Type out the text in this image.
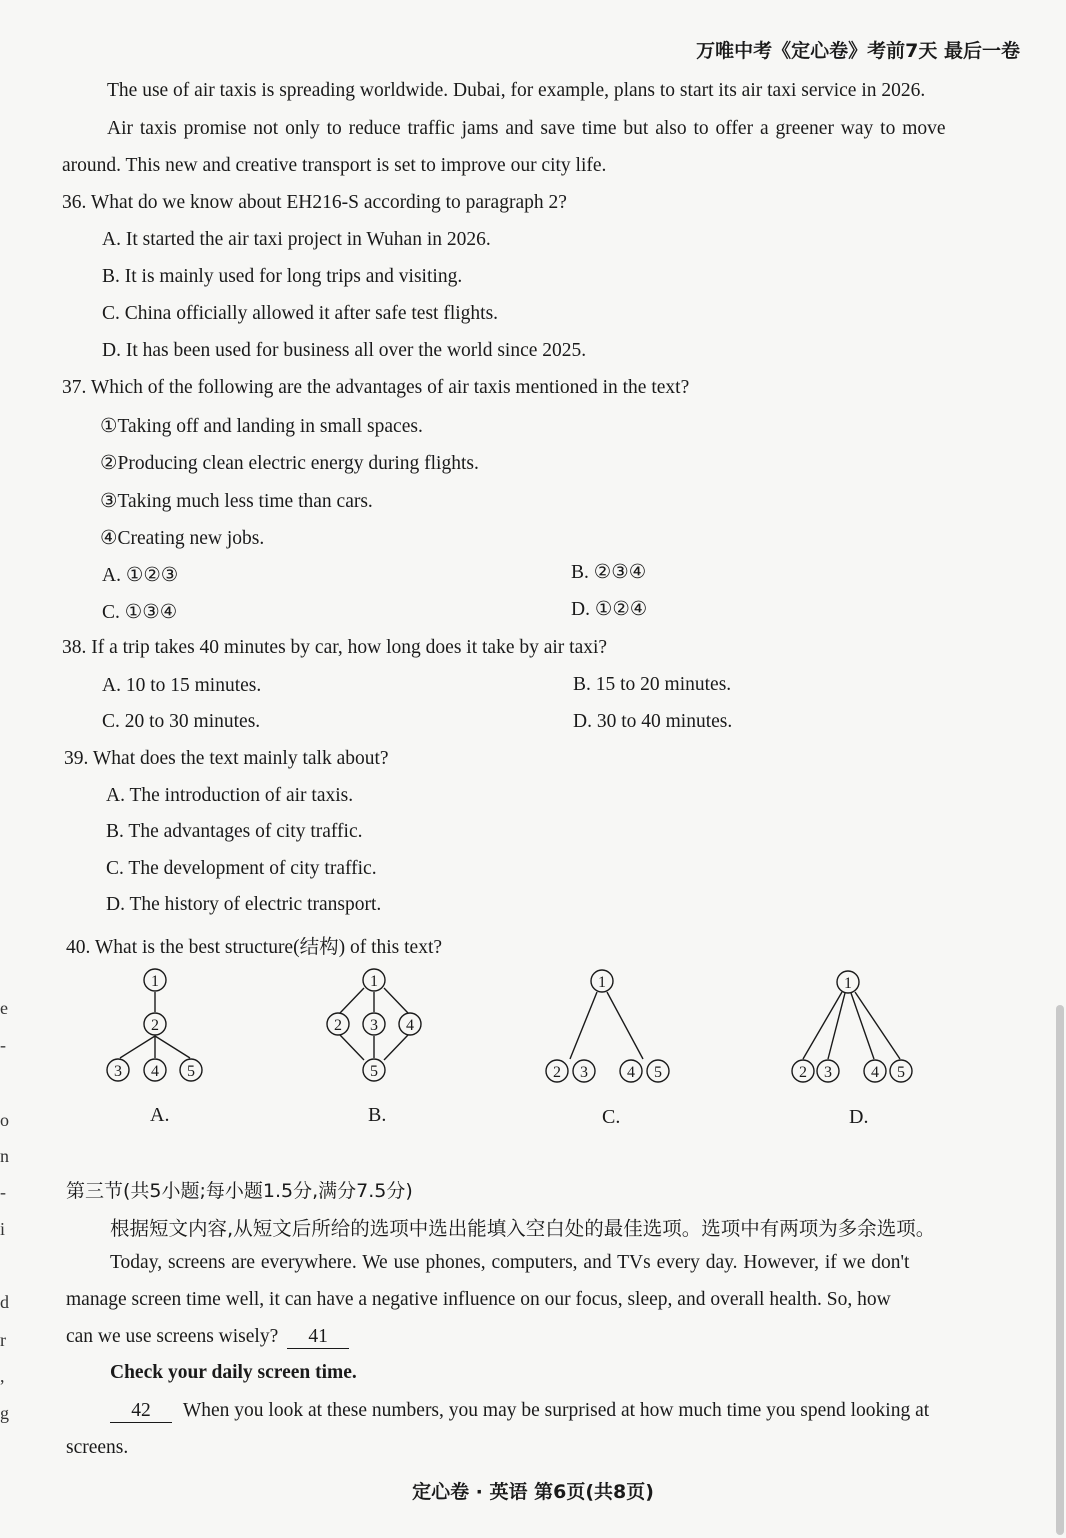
万唯中考《定心卷》考前7天 最后一卷
The use of air taxis is spreading worldwide. Dubai, for example, plans to start its air taxi service in 2026.
Air taxis promise not only to reduce traffic jams and save time but also to offer a greener way to move
around. This new and creative transport is set to improve our city life.
36. What do we know about EH216-S according to paragraph 2?
A. It started the air taxi project in Wuhan in 2026.
B. It is mainly used for long trips and visiting.
C. China officially allowed it after safe test flights.
D. It has been used for business all over the world since 2025.
37. Which of the following are the advantages of air taxis mentioned in the text?
①Taking off and landing in small spaces.
②Producing clean electric energy during flights.
③Taking much less time than cars.
④Creating new jobs.
A. ①②③	B. ②③④
C. ①③④	D. ①②④
38. If a trip takes 40 minutes by car, how long does it take by air taxi?
A. 10 to 15 minutes.	B. 15 to 20 minutes.
C. 20 to 30 minutes.	D. 30 to 40 minutes.
39. What does the text mainly talk about?
A. The introduction of air taxis.
B. The advantages of city traffic.
C. The development of city traffic.
D. The history of electric transport.
40. What is the best structure(结构) of this text?
1
2
3 4 5
1
2 3 4
5
1
2 3 4 5
1
2 3 4 5
A.	B.	C.	D.
第三节(共5小题;每小题1.5分,满分7.5分)
根据短文内容,从短文后所给的选项中选出能填入空白处的最佳选项。选项中有两项为多余选项。
Today, screens are everywhere. We use phones, computers, and TVs every day. However, if we don't
manage screen time well, it can have a negative influence on our focus, sleep, and overall health. So, how
can we use screens wisely? 41
Check your daily screen time.
42 When you look at these numbers, you may be surprised at how much time you spend looking at
screens.
e
-
o
n
-
i
d
r
,
g
定心卷 · 英语 第6页(共8页)
